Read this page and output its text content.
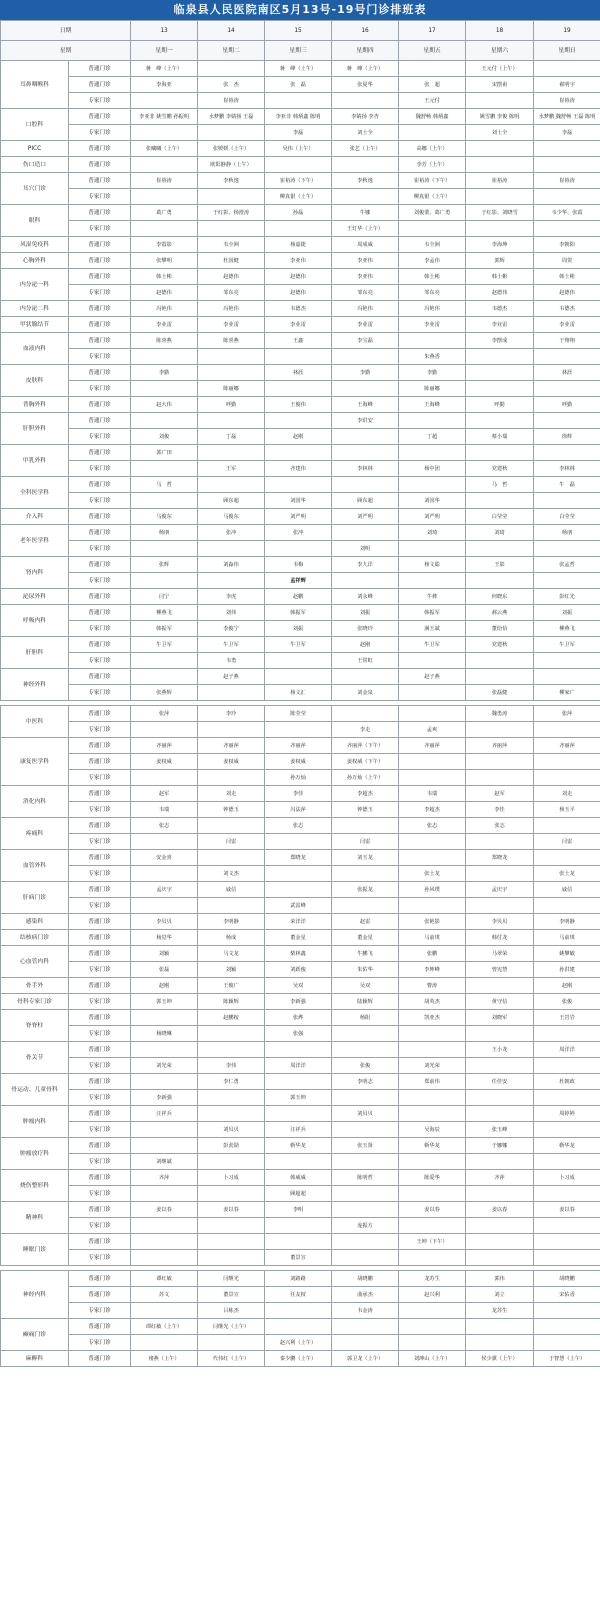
临泉县人民医院南区5月13号-19号门诊排班表
日期		13	14	15	16	17	18	19
星期		星期一	星期二	星期三	星期四	星期五	星期六	星期日
耳鼻咽喉科	普通门诊	蒋　峰（上午）		蒋　峰（上午）	蒋　峰（上午）		王元付（上午）	
	普通门诊	李海亚	张　杰	张　磊	张夏华	张　超	宋摆甫	翟明宇
	专家门诊		崔裕涛			王元付		崔裕涛
口腔科	普通门诊	李亚非 姚雪鹏 孙振明	水梦鹏 李婧扬 王磊	李亚非 韩炳鑫 陈明	李婧扬 李杏	魏舒畅 韩炳鑫	姚雪鹏 李俊 陈明	水梦鹏 魏舒畅 王磊 陈明
	专家门诊			李磊	刘士全		刘士全	李磊
PICC	普通门诊	张曦曦（上午）	张媛媛（上午）	吴伟（上午）	张艺（上午）	高娜（上午）		
伤口造口	普通门诊		欧阳静静（上午）			李芳（上午）		
耳穴门诊	普通门诊	崔裕涛	李秋逸	崔裕涛（下午）	李秋逸	崔裕涛（下午）	崔裕涛	崔裕涛
	专家门诊			柳真银（上午）		柳真银（上午）		
眼科	普通门诊	葛广勇	于红影、杨澄涛	孙磊	牛娜	刘俊蒙、葛广勇	于红影、刘晓雪	韦少华、张霞
	专家门诊				王灯华（上午）			
风湿免疫科	普通门诊	李霞影	韦全洲	杨嘉捷	周成威	韦全洲	李海坤	李朝阳
心胸外科	普通门诊	张攀明	杜国健	李亚伟	李亚伟	李孟伟	郭辉	周贺
内分泌一科	普通门诊	韩士彬	赵德伟	赵德伟	李亚伟	韩士彬	韩士彬	韩士彬
	专家门诊	赵德伟	邹东亮	赵德伟	邹东亮	邹东亮	赵德伟	赵德伟
内分泌二科	普通门诊	冯艳伟	冯艳伟	韦德杰	冯艳伟	冯艳伟	韦德杰	韦德杰
甲状腺结节	普通门诊	李业雷	李业雷	李业雷	李业雷	李业雷	李业雷	李业雷
血液内科	普通门诊	陈喜燕	陈喜燕	王鑫	李宝磊		李摆成	于翔翔
	专家门诊					朱燕香		
皮肤科	普通门诊	李勤		林涯	李勤	李勤		林涯
	专家门诊		陈丽娜			陈丽娜		
普胸外科	普通门诊	赵大伟	呼勤	王俊伟	王海峰	王海峰	呼勤	呼勤
肝胆外科	普通门诊				李洪安			
	专家门诊	刘俊	丁磊	赵刚		丁超	蔡小瑞	徐辉
甲乳外科	普通门诊	郭广田						
	专家门诊		王军	齐建伟	李林林	杨中团	党建秋	李林林
全科医学科	普通门诊	马　哲					马　哲	牛　磊
	专家门诊		顾东超	刘国华	顾东超	刘国华		
介入科	普通门诊	马俊东	马俊东	刘严明	刘严明	刘严明	白莹莹	白莹莹
老年医学科	普通门诊	杨朋	张冲	张冲		刘琦	刘琦	杨朋
	专家门诊				刘明			
肾内科	普通门诊	张辉	刘淼伟	韦梅	李九洋	杨文聪	王影	张孟哲
	专家门诊			孟祥辉				
泌尿外科	普通门诊	闫宁	李虎	赵鹏	刘永峰	牛彝	何晓东	彭红光
呼吸内科	普通门诊	柳燕飞	刘伟	韩振军	刘振	韩振军	郝云燕	刘振
	专家门诊	韩振军	李俊宁	刘振	张晓玲	满玉斌	董给恰	柳燕飞
肝胆科	普通门诊	牛卫军	牛卫军	牛卫军	赵刚	牛卫军	党建秋	牛卫军
	专家门诊		韦勇		王常虹			
神经外科	普通门诊		赵子燕			赵子燕		
	专家门诊	张燕辉		杨文汇	刘金泉		张磊健	柳家广

中医科	普通门诊	张萍	李玲	陈莹莹			魏勇涛	张萍
	专家门诊				李走	孟爽		
康复医学科	普通门诊	齐丽萍	齐丽萍	齐丽萍	齐丽萍（下午）	齐丽萍	齐丽萍	齐丽萍
	普通门诊	姜权威	姜权威	姜权威	姜权威（下午）			
	专家门诊			孙万灿	孙万灿（上午）			
消化内科	普通门诊	赵军	刘走	李佳	李超杰	韦瑞	赵军	刘走
	专家门诊	韦瑞	钟德玉	冯法萍	钟德玉	李超杰	李佳	杨玉平
疼痛科	普通门诊	张志		张志		张志	张志	
	专家门诊		闫雷		闫雷			闫雷
血管外科	普通门诊	安金喜		郑晓龙	刘玉龙		郑晓龙	
	专家门诊		刘文杰			张士龙		张士龙
肝病门诊	普通门诊	孟庆宇	戚信		张振龙	孙风璞	孟庆宇	戚信
	专家门诊			武雷峰				
感染科	普通门诊	李贝贝	李明静	荣洋洋	赵雷	张艳影	李贝贝	李明静
结核病门诊	普通门诊	杨觉华	杨成	董金星	董金星	马前琪	韩付龙	马前琪
心血管内科	普通门诊	刘颖	马文龙	柴林鑫	牛鹏飞	张鹏	马翠荣	姚攀敏
	专家门诊	张磊	刘颖	刘跃俊	朱佑华	李坤峰	曾宪慧	孙洪建
骨手外	普通门诊	赵刚	王俊广	吴双	吴双	曹涛		赵刚
骨科专家门诊	专家门诊	郭玉坤	陈颖辉	李新强	陆颖辉	胡英杰	黄守信	张俊
脊脊柱	普通门诊		赵鹏桉	张烨	杨阳	凯亚杰	刘晓军	王岩岩
	专家门诊	杨晓琳		张强				
骨关节	普通门诊						王小龙	周洋洋
	专家门诊	刘光荣	李伟	周洋洋	张俊	刘光荣		
骨运动、儿童骨科	普通门诊		李仁勇		李明志	郑前伟	任佳安	杜朝政
	专家门诊	李新强		郭玉坤				
肿瘤内科	普通门诊	汪祥兵			刘贝贝			周婷婷
	专家门诊		刘贝贝	汪祥兵		吴海辰	张玉峰	
肿瘤放疗科	普通门诊		彭劲勋	靳华龙	张玉贤	靳华龙	于娜娜	靳华龙
	专家门诊	刘继斌						
烧伤整形科	普通门诊	齐萍	卜习成	韩威威	陈明哲	陈爱华	齐萍	卜习成
	专家门诊			顾超超				
精神科	普通门诊	姜以春	姜以春	李明		姜以春	姜以春	姜以春
	专家门诊				庞振方			
睡眠门诊	普通门诊					王坤（下午）		
	专家门诊			董景宣				

神经内科	普通门诊	谭红敏	闫继光	刘路路	胡晓鹏	龙苏生	郭伟	胡晓鹏
	普通门诊	苏文	董景宣	任友权	曲承杰	赵兴利	刘立	宋佑香
	专家门诊		吕栋杰		韦金涛		龙苏生	
癫痫门诊	普通门诊	谭红敏（上午）	闫继光（上午）					
	专家门诊			赵兴利（上午）				
麻醉科	普通门诊	褚燕（上午）	代伟红（上午）	秦少鹏（上午）	郭卫龙（上午）	刘坤山（上午）	侯少骐（上午）	于智慧（上午）
